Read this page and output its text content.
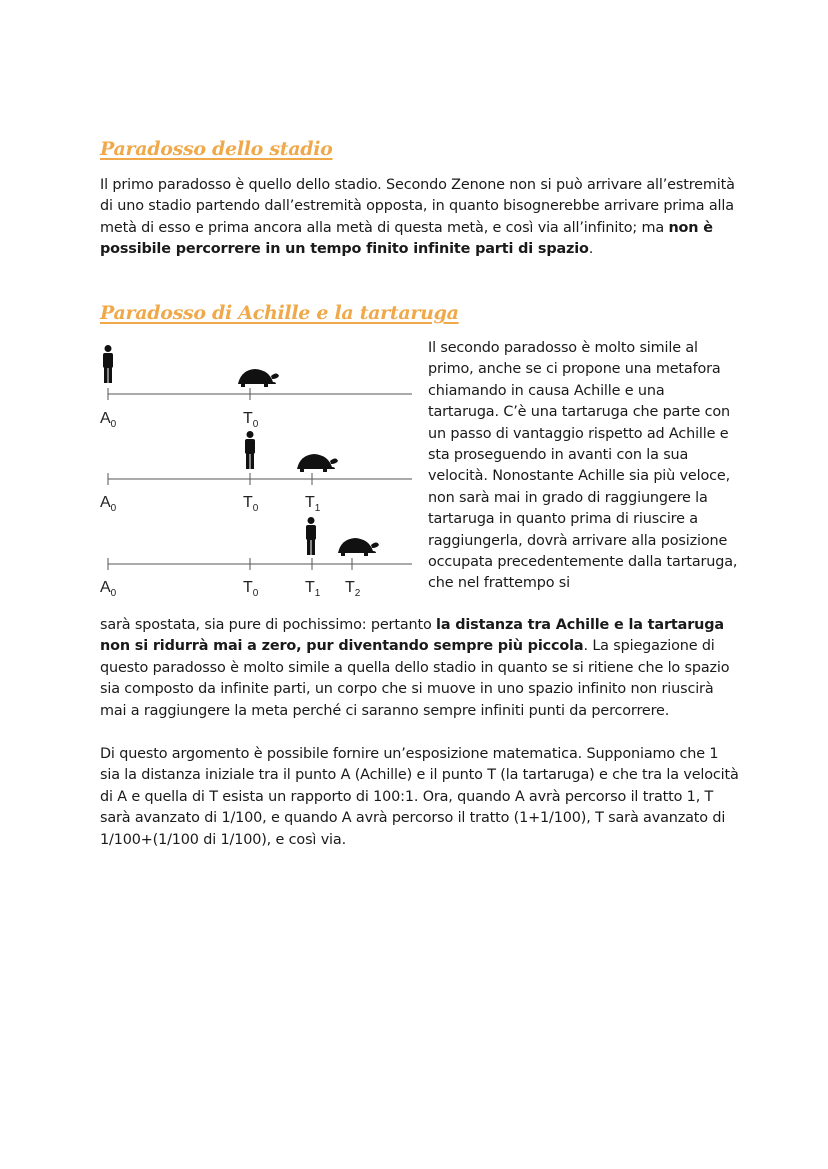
Paradosso dello stadio
Il primo paradosso è quello dello stadio. Secondo Zenone non si può arrivare all’estremità di uno stadio partendo dall’estremità opposta, in quanto bisognerebbe arrivare prima alla metà di esso e prima ancora alla metà di questa metà, e così via all’infinito; ma non è possibile percorrere in un tempo finito infinite parti di spazio.
Paradosso di Achille e la tartaruga
$A_0$	$T_0$
$A_0$	$T_0$	$T_1$
$A_0$	$T_0$	$T_1$ $T_2$
Il secondo paradosso è molto simile al primo, anche se ci propone una metafora chiamando in causa Achille e una tartaruga. C’è una tartaruga che parte con un passo di vantaggio rispetto ad Achille e sta proseguendo in avanti con la sua velocità. Nonostante Achille sia più veloce, non sarà mai in grado di raggiungere la tartaruga in quanto prima di riuscire a raggiungerla, dovrà arrivare alla posizione occupata precedentemente dalla tartaruga, che nel frattempo si
sarà spostata, sia pure di pochissimo: pertanto la distanza tra Achille e la tartaruga non si ridurrà mai a zero, pur diventando sempre più piccola. La spiegazione di questo paradosso è molto simile a quella dello stadio in quanto se si ritiene che lo spazio sia composto da infinite parti, un corpo che si muove in uno spazio infinito non riuscirà mai a raggiungere la meta perché ci saranno sempre infiniti punti da percorrere.
Di questo argomento è possibile fornire un’esposizione matematica. Supponiamo che 1 sia la distanza iniziale tra il punto A (Achille) e il punto T (la tartaruga) e che tra la velocità di A e quella di T esista un rapporto di 100:1. Ora, quando A avrà percorso il tratto 1, T sarà avanzato di 1/100, e quando A avrà percorso il tratto (1+1/100), T sarà avanzato di 1/100+(1/100 di 1/100), e così via.
